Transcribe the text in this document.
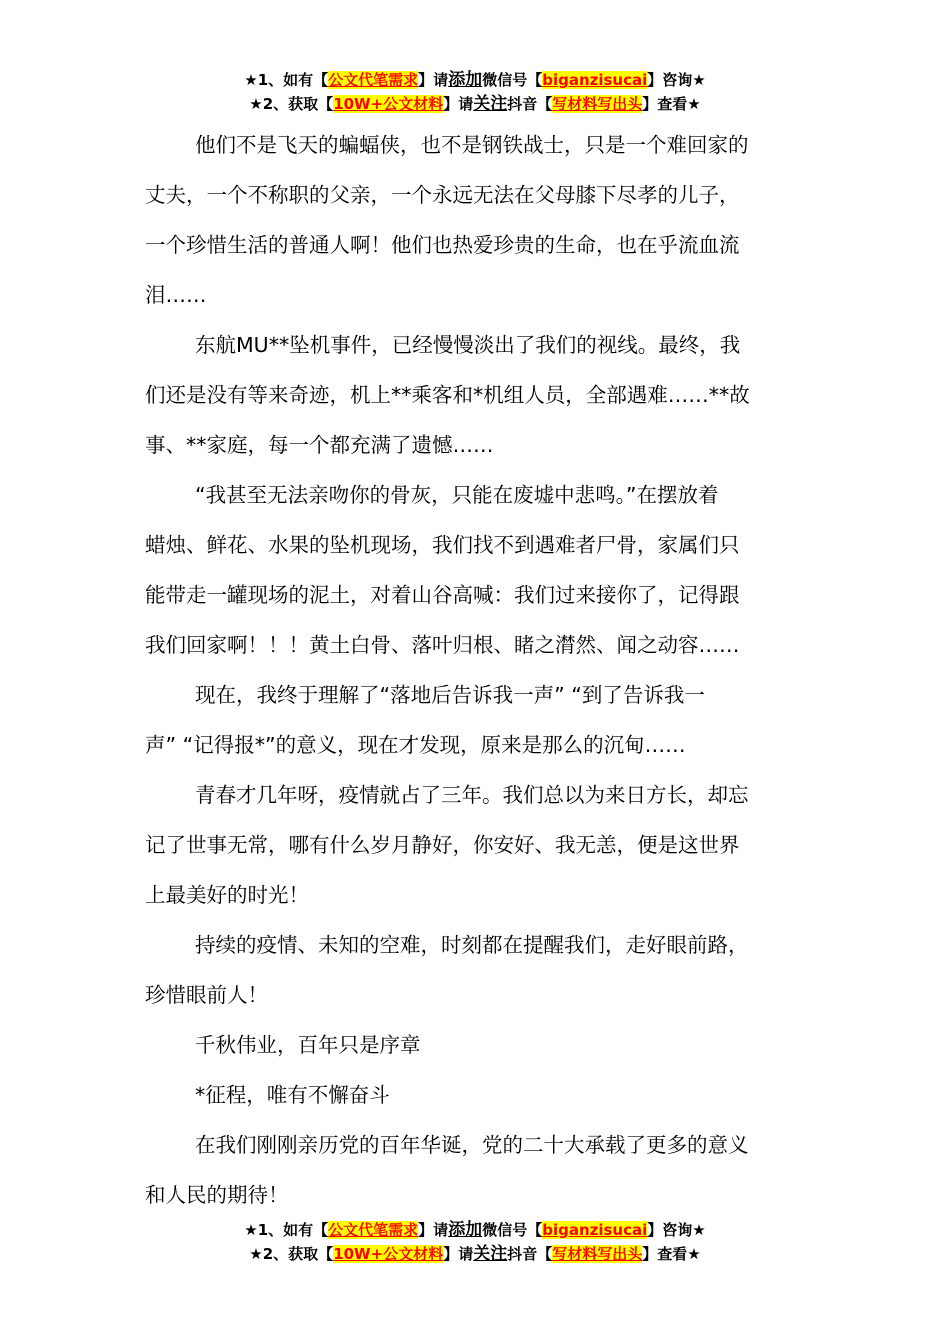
★1、如有【公文代笔需求】请添加微信号【biganzisucai】咨询★
★2、获取【10W+公文材料】请关注抖音【写材料写出头】查看★

他们不是飞天的蝙蝠侠，也不是钢铁战士，只是一个难回家的

丈夫，一个不称职的父亲，一个永远无法在父母膝下尽孝的儿子，

一个珍惜生活的普通人啊！他们也热爱珍贵的生命，也在乎流血流

泪……

东航MU**坠机事件，已经慢慢淡出了我们的视线。最终，我

们还是没有等来奇迹，机上**乘客和*机组人员，全部遇难……**故

事、**家庭，每一个都充满了遗憾……

“我甚至无法亲吻你的骨灰，只能在废墟中悲鸣。”在摆放着

蜡烛、鲜花、水果的坠机现场，我们找不到遇难者尸骨，家属们只

能带走一罐现场的泥土，对着山谷高喊：我们过来接你了，记得跟

我们回家啊！！！黄土白骨、落叶归根、睹之潸然、闻之动容……

现在，我终于理解了“落地后告诉我一声” “到了告诉我一

声” “记得报*”的意义，现在才发现，原来是那么的沉甸……

青春才几年呀，疫情就占了三年。我们总以为来日方长，却忘

记了世事无常，哪有什么岁月静好，你安好、我无恙，便是这世界

上最美好的时光！

持续的疫情、未知的空难，时刻都在提醒我们，走好眼前路，

珍惜眼前人！

千秋伟业，百年只是序章

*征程，唯有不懈奋斗

在我们刚刚亲历党的百年华诞，党的二十大承载了更多的意义

和人民的期待！

★1、如有【公文代笔需求】请添加微信号【biganzisucai】咨询★
★2、获取【10W+公文材料】请关注抖音【写材料写出头】查看★
